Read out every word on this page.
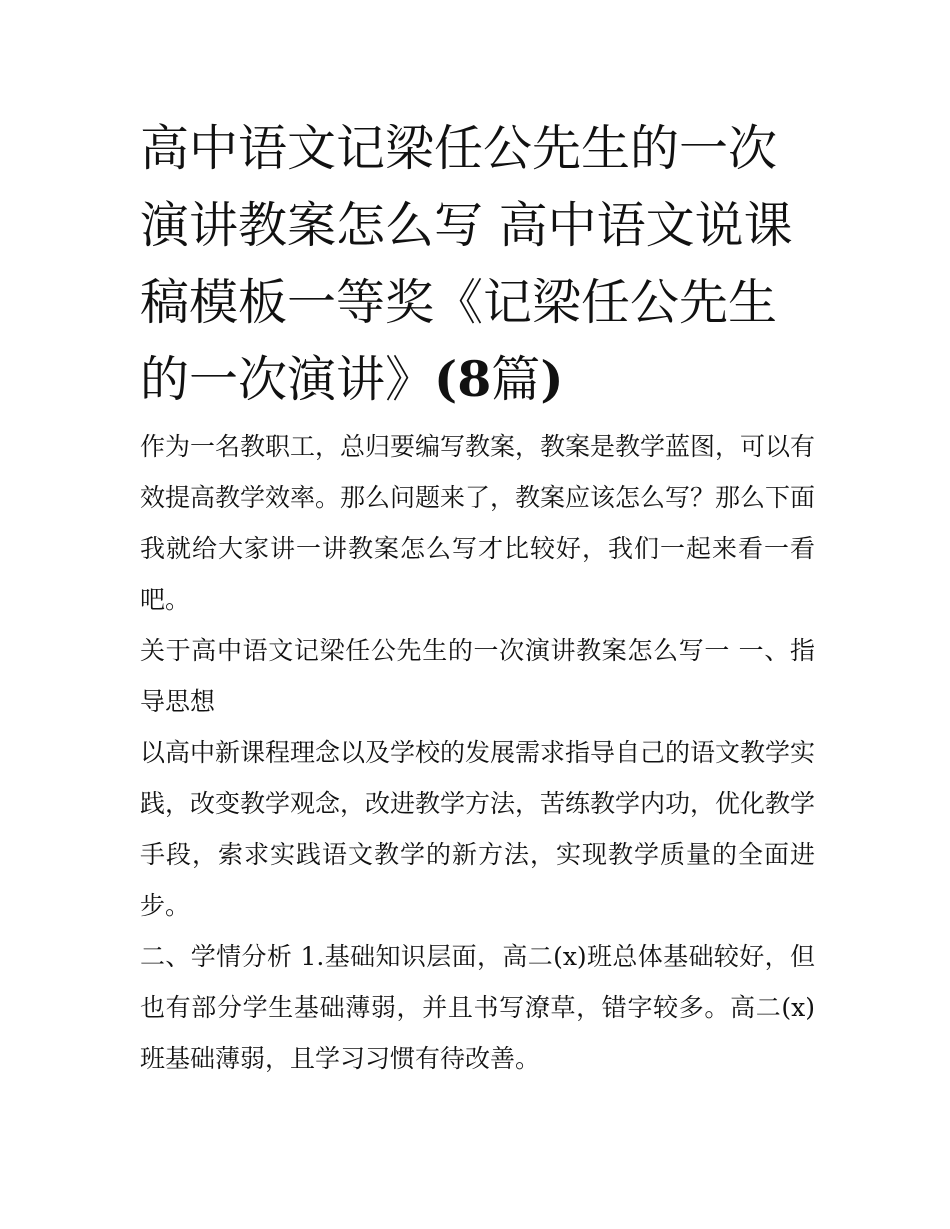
高中语文记梁任公先生的一次演讲教案怎么写 高中语文说课稿模板一等奖《记梁任公先生的一次演讲》(8篇)

作为一名教职工，总归要编写教案，教案是教学蓝图，可以有效提高教学效率。那么问题来了，教案应该怎么写？那么下面我就给大家讲一讲教案怎么写才比较好，我们一起来看一看吧。

关于高中语文记梁任公先生的一次演讲教案怎么写一 一、指导思想

以高中新课程理念以及学校的发展需求指导自己的语文教学实践，改变教学观念，改进教学方法，苦练教学内功，优化教学手段，索求实践语文教学的新方法，实现教学质量的全面进步。

二、学情分析 1.基础知识层面，高二(x)班总体基础较好，但也有部分学生基础薄弱，并且书写潦草，错字较多。高二(x)班基础薄弱，且学习习惯有待改善。
